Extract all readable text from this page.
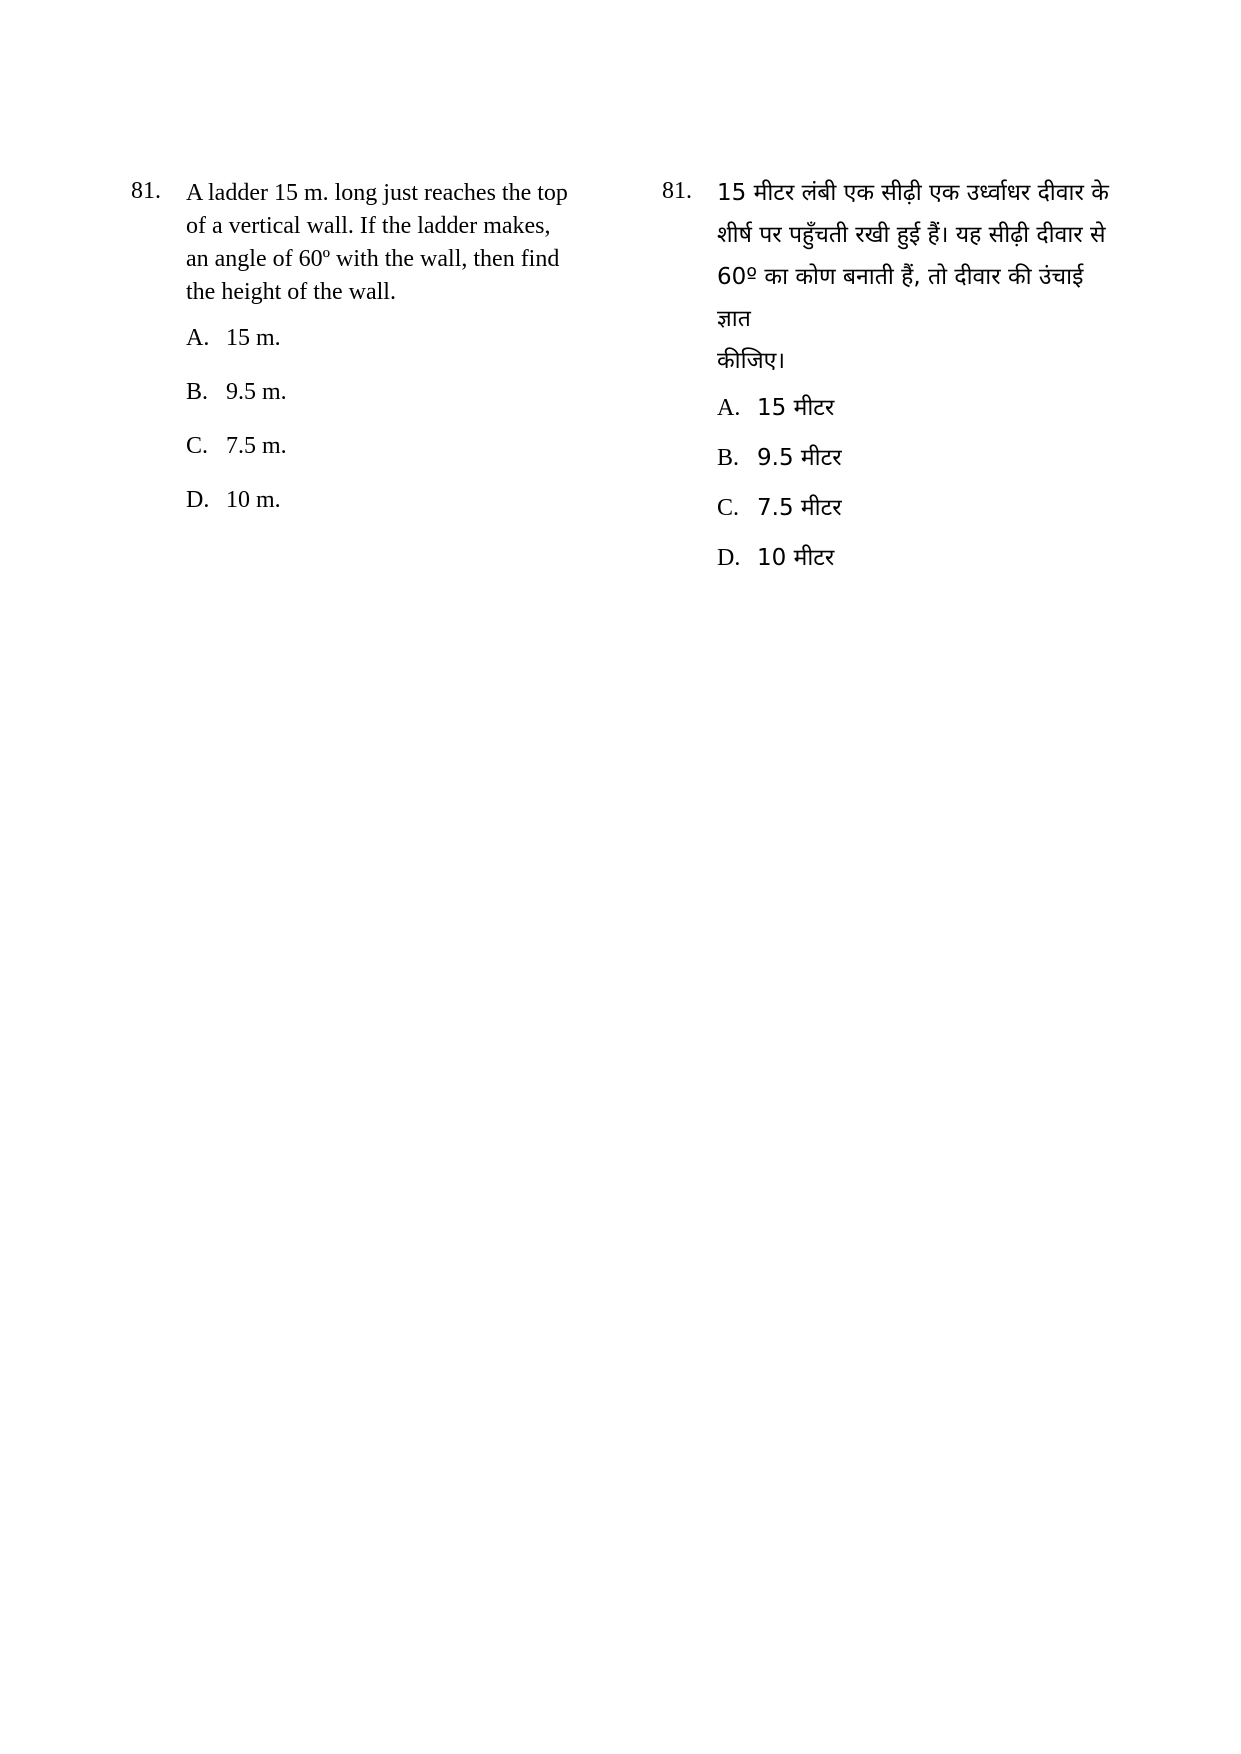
81.	A ladder 15 m. long just reaches the top
of a vertical wall. If the ladder makes,
an angle of 60º with the wall, then find
the height of the wall.
A. 15 m.
B. 9.5 m.
C. 7.5 m.
D. 10 m.
81.	15 मीटर लंबी एक सीढ़ी एक उर्ध्वाधर दीवार के
शीर्ष पर पहुँचती रखी हुई हैं। यह सीढ़ी दीवार से
60º का कोण बनाती हैं, तो दीवार की उंचाई ज्ञात
कीजिए।
A. 15 मीटर
B. 9.5 मीटर
C. 7.5 मीटर
D. 10 मीटर
